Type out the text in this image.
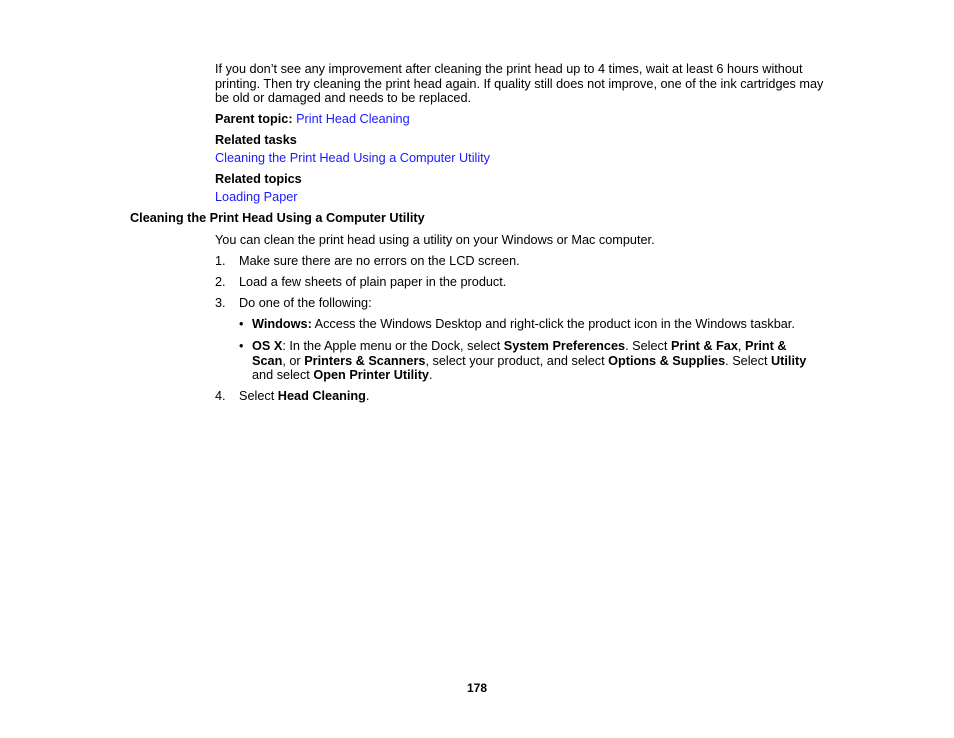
If you don’t see any improvement after cleaning the print head up to 4 times, wait at least 6 hours without printing. Then try cleaning the print head again. If quality still does not improve, one of the ink cartridges may be old or damaged and needs to be replaced.

Parent topic: Print Head Cleaning

Related tasks

Cleaning the Print Head Using a Computer Utility

Related topics

Loading Paper

Cleaning the Print Head Using a Computer Utility

You can clean the print head using a utility on your Windows or Mac computer.

1.	Make sure there are no errors on the LCD screen.
2.	Load a few sheets of plain paper in the product.
3.	Do one of the following:
• Windows: Access the Windows Desktop and right-click the product icon in the Windows taskbar.
• OS X: In the Apple menu or the Dock, select System Preferences. Select Print & Fax, Print & Scan, or Printers & Scanners, select your product, and select Options & Supplies. Select Utility and select Open Printer Utility.
4.	Select Head Cleaning.
178
